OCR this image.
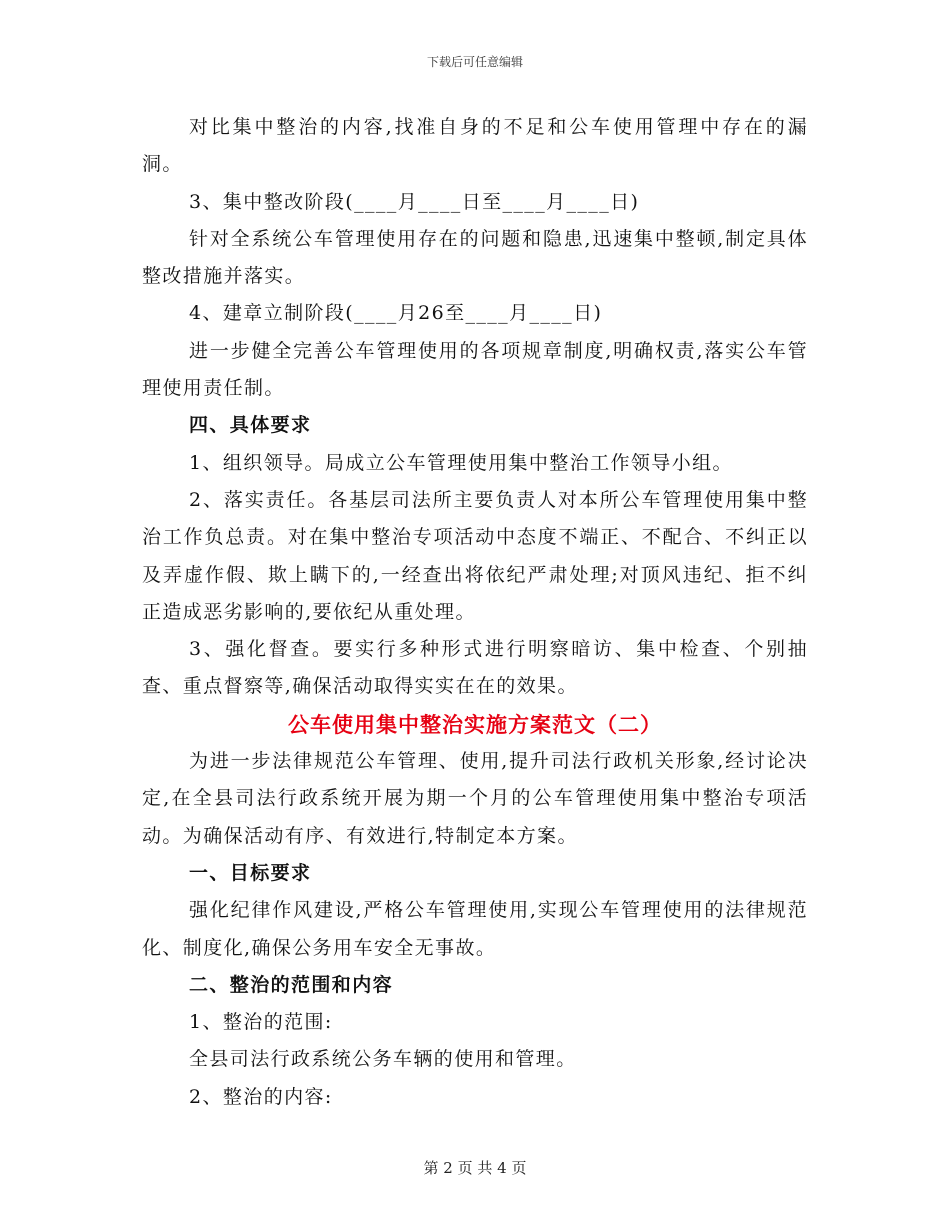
下载后可任意编辑

对比集中整治的内容,找准自身的不足和公车使用管理中存在的漏洞。

3、集中整改阶段(____月____日至____月____日)

针对全系统公车管理使用存在的问题和隐患,迅速集中整顿,制定具体整改措施并落实。

4、建章立制阶段(____月26至____月____日)

进一步健全完善公车管理使用的各项规章制度,明确权责,落实公车管理使用责任制。

四、具体要求

1、组织领导。局成立公车管理使用集中整治工作领导小组。

2、落实责任。各基层司法所主要负责人对本所公车管理使用集中整治工作负总责。对在集中整治专项活动中态度不端正、不配合、不纠正以及弄虚作假、欺上瞒下的,一经查出将依纪严肃处理;对顶风违纪、拒不纠正造成恶劣影响的,要依纪从重处理。

3、强化督查。要实行多种形式进行明察暗访、集中检查、个别抽查、重点督察等,确保活动取得实实在在的效果。

公车使用集中整治实施方案范文（二）

为进一步法律规范公车管理、使用,提升司法行政机关形象,经讨论决定,在全县司法行政系统开展为期一个月的公车管理使用集中整治专项活动。为确保活动有序、有效进行,特制定本方案。

一、目标要求

强化纪律作风建设,严格公车管理使用,实现公车管理使用的法律规范化、制度化,确保公务用车安全无事故。

二、整治的范围和内容

1、整治的范围:

全县司法行政系统公务车辆的使用和管理。

2、整治的内容:

第 2 页 共 4 页
